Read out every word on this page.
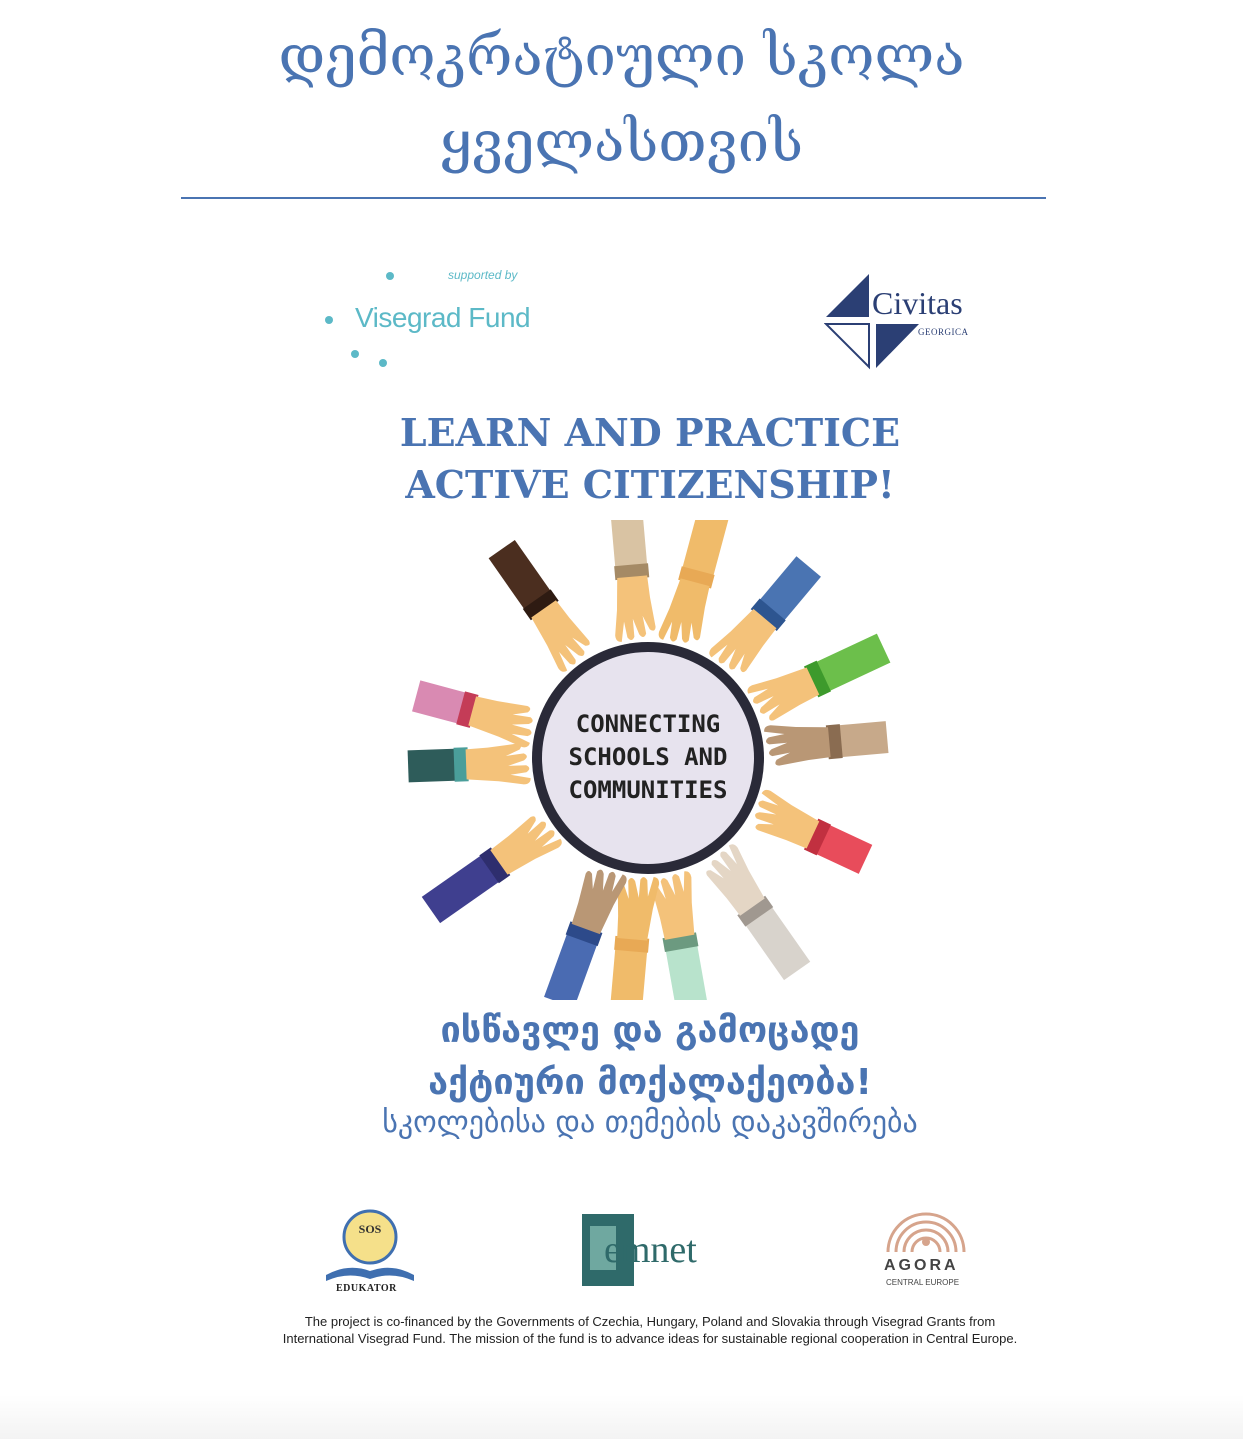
დემოკრატიული სკოლა
ყველასთვის
supported by
Visegrad Fund	Civitas
GEORGICA
LEARN AND PRACTICE
ACTIVE CITIZENSHIP!
CONNECTING
SCHOOLS AND
COMMUNITIES
ისწავლე და გამოცადე
აქტიური მოქალაქეობა!
სკოლებისა და თემების დაკავშირება
SOS
EDUKATOR
emnet	AGORA
CENTRAL EUROPE
The project is co-financed by the Governments of Czechia, Hungary, Poland and Slovakia through Visegrad Grants from
International Visegrad Fund. The mission of the fund is to advance ideas for sustainable regional cooperation in Central Europe.
